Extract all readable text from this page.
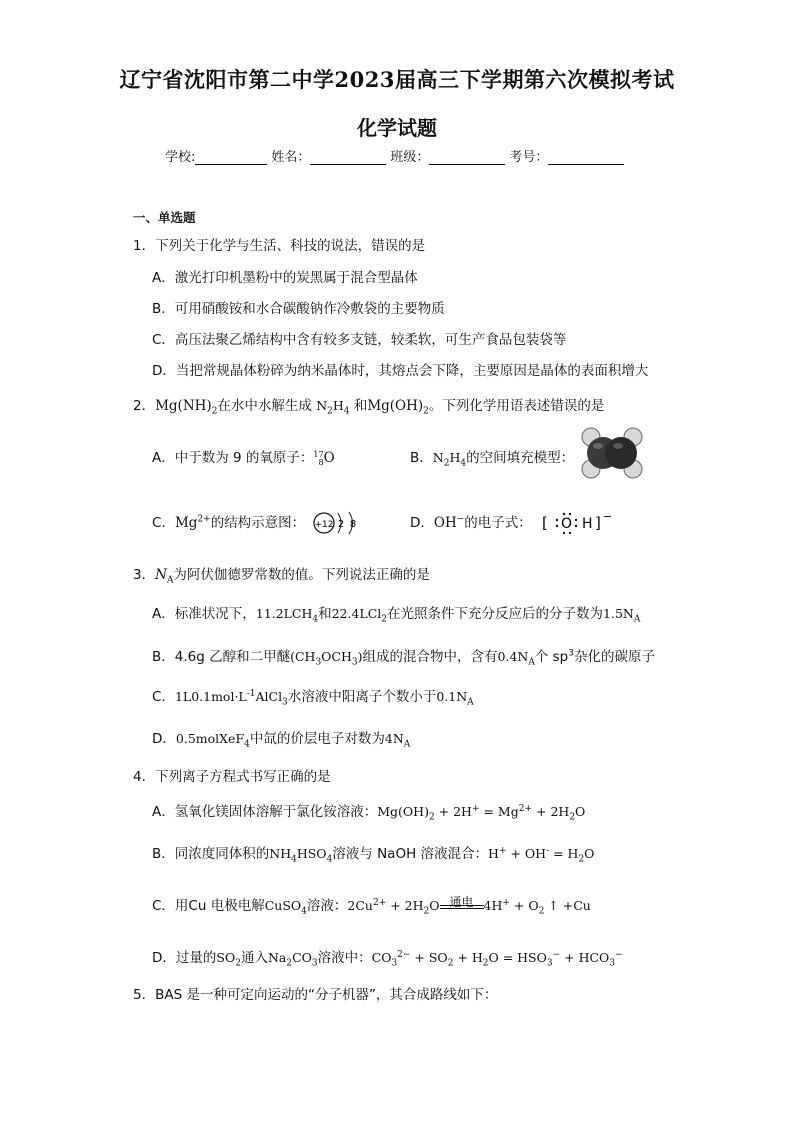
辽宁省沈阳市第二中学2023届高三下学期第六次模拟考试
化学试题
学校:	姓名：	班级：	考号：
一、单选题
1．下列关于化学与生活、科技的说法，错误的是
A．激光打印机墨粉中的炭黑属于混合型晶体
B．可用硝酸铵和水合碳酸钠作冷敷袋的主要物质
C．高压法聚乙烯结构中含有较多支链，较柔软，可生产食品包装袋等
D．当把常规晶体粉碎为纳米晶体时，其熔点会下降，主要原因是晶体的表面积增大
2．$Mg(NH)_2$在水中水解生成 $N_2H_4$ 和$Mg(OH)_2$。下列化学用语表述错误的是
A．中于数为 9 的氧原子：17
8O	B．$N_2H_4$的空间填充模型：
C．$Mg^{2+}$的结构示意图： +12 2 8	D．OH−的电子式： [ O H ] −
3．$N_A$为阿伏伽德罗常数的值。下列说法正确的是
A．标准状况下，$11.2LCH_4$和22.4LCl$_2$在光照条件下充分反应后的分子数为$1.5N_A$
B．4.6g 乙醇和二甲醚$(CH_3OCH_3)$组成的混合物中，含有$0.4N_A$个 $sp^3$杂化的碳原子
C．$1L0.1mol\cdot L^{-1}AlCl_3$水溶液中阳离子个数小于$0.1N_A$
D．0.5molXeF$_4$中氙的价层电子对数为$4N_A$
4．下列离子方程式书写正确的是
A．氢氧化镁固体溶解于氯化铵溶液：$Mg(OH)_2 + 2H^+ = Mg^{2+} + 2H_2O$
B．同浓度同体积的$NH_4HSO_4$溶液与 NaOH 溶液混合：$H^+ + OH^- = H_2O$
C．用Cu 电极电解CuSO$_4$溶液：$2Cu^{2+} + 2H_2O$ 通电 $4H^+ + O_2$ ↑ +Cu
D．过量的$SO_2$通入$Na_2CO_3$溶液中：$CO_3^{2-} + SO_2 + H_2O = HSO_3^- + HCO_3^-$
5．BAS 是一种可定向运动的“分子机器”，其合成路线如下：
